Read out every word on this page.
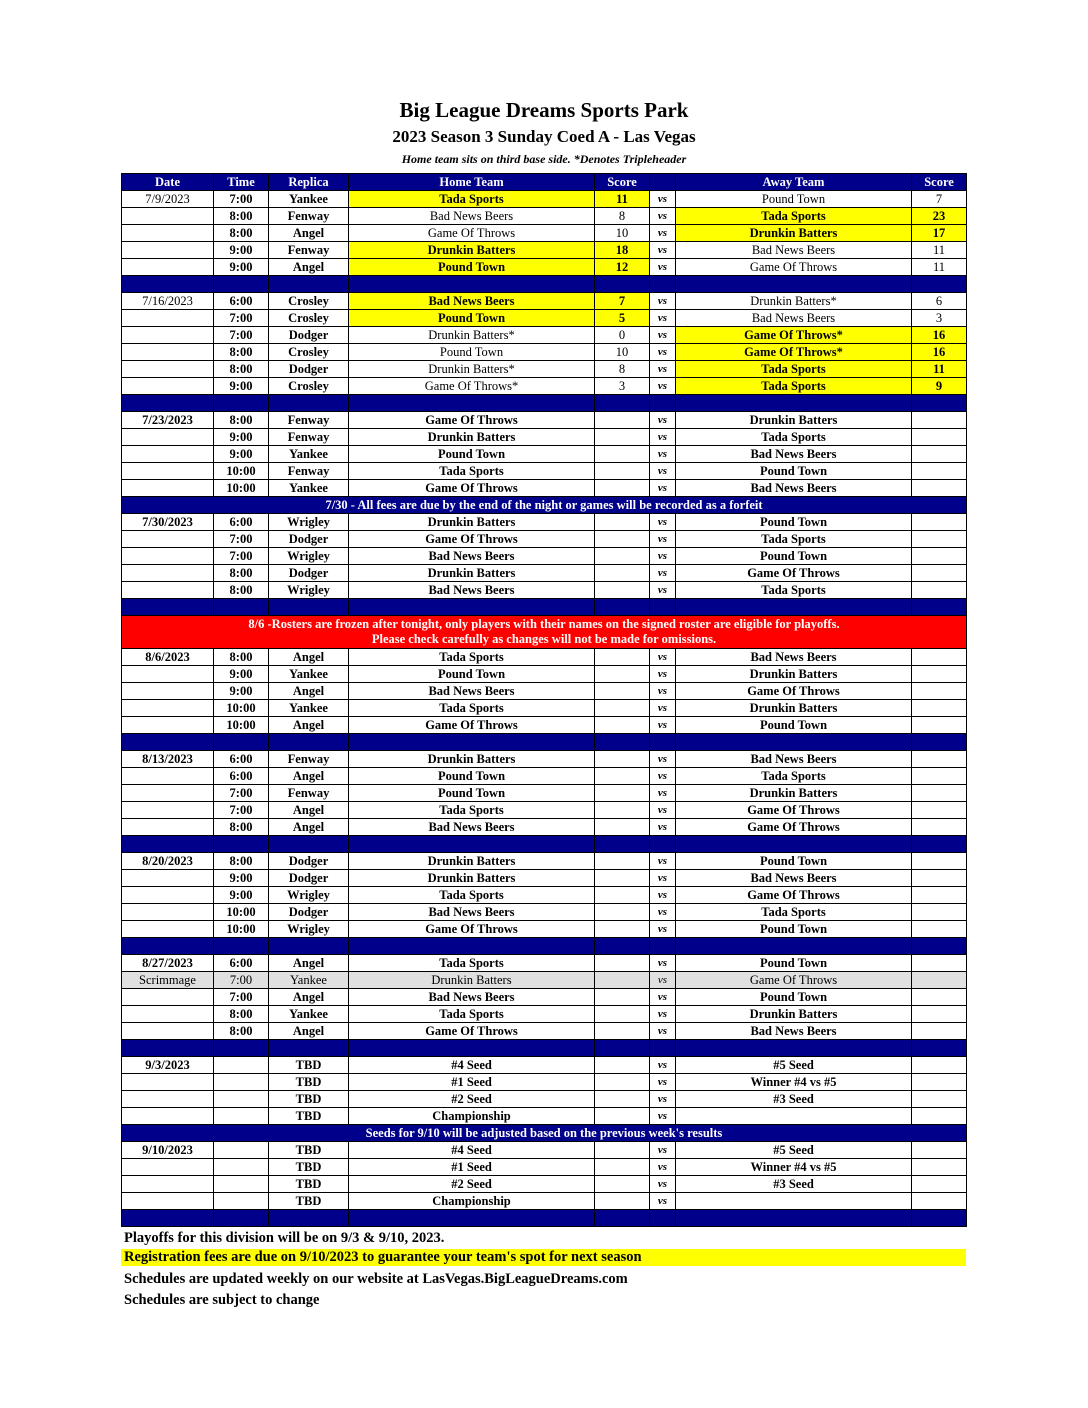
Big League Dreams Sports Park
2023 Season 3 Sunday Coed A - Las Vegas
Home team sits on third base side. *Denotes Tripleheader
Date	Time	Replica	Home Team	Score		Away Team	Score
7/9/2023	7:00	Yankee	Tada Sports	11	vs	Pound Town	7
	8:00	Fenway	Bad News Beers	8	vs	Tada Sports	23
	8:00	Angel	Game Of Throws	10	vs	Drunkin Batters	17
	9:00	Fenway	Drunkin Batters	18	vs	Bad News Beers	11
	9:00	Angel	Pound Town	12	vs	Game Of Throws	11

7/16/2023	6:00	Crosley	Bad News Beers	7	vs	Drunkin Batters*	6
	7:00	Crosley	Pound Town	5	vs	Bad News Beers	3
	7:00	Dodger	Drunkin Batters*	0	vs	Game Of Throws*	16
	8:00	Crosley	Pound Town	10	vs	Game Of Throws*	16
	8:00	Dodger	Drunkin Batters*	8	vs	Tada Sports	11
	9:00	Crosley	Game Of Throws*	3	vs	Tada Sports	9

7/23/2023	8:00	Fenway	Game Of Throws		vs	Drunkin Batters	
	9:00	Fenway	Drunkin Batters		vs	Tada Sports	
	9:00	Yankee	Pound Town		vs	Bad News Beers	
	10:00	Fenway	Tada Sports		vs	Pound Town	
	10:00	Yankee	Game Of Throws		vs	Bad News Beers	
7/30 - All fees are due by the end of the night or games will be recorded as a forfeit							
7/30/2023	6:00	Wrigley	Drunkin Batters		vs	Pound Town	
	7:00	Dodger	Game Of Throws		vs	Tada Sports	
	7:00	Wrigley	Bad News Beers		vs	Pound Town	
	8:00	Dodger	Drunkin Batters		vs	Game Of Throws	
	8:00	Wrigley	Bad News Beers		vs	Tada Sports	

8/6 -Rosters are frozen after tonight, only players with their names on the signed roster are eligible for playoffs.
Please check carefully as changes will not be made for omissions.							

8/6/2023	8:00	Angel	Tada Sports		vs	Bad News Beers	
	9:00	Yankee	Pound Town		vs	Drunkin Batters	
	9:00	Angel	Bad News Beers		vs	Game Of Throws	
	10:00	Yankee	Tada Sports		vs	Drunkin Batters	
	10:00	Angel	Game Of Throws		vs	Pound Town	

8/13/2023	6:00	Fenway	Drunkin Batters		vs	Bad News Beers	
	6:00	Angel	Pound Town		vs	Tada Sports	
	7:00	Fenway	Pound Town		vs	Drunkin Batters	
	7:00	Angel	Tada Sports		vs	Game Of Throws	
	8:00	Angel	Bad News Beers		vs	Game Of Throws	

8/20/2023	8:00	Dodger	Drunkin Batters		vs	Pound Town	
	9:00	Dodger	Drunkin Batters		vs	Bad News Beers	
	9:00	Wrigley	Tada Sports		vs	Game Of Throws	
	10:00	Dodger	Bad News Beers		vs	Tada Sports	
	10:00	Wrigley	Game Of Throws		vs	Pound Town	

8/27/2023	6:00	Angel	Tada Sports		vs	Pound Town	
Scrimmage	7:00	Yankee	Drunkin Batters		vs	Game Of Throws	
	7:00	Angel	Bad News Beers		vs	Pound Town	
	8:00	Yankee	Tada Sports		vs	Drunkin Batters	
	8:00	Angel	Game Of Throws		vs	Bad News Beers	

9/3/2023		TBD	#4 Seed		vs	#5 Seed	
		TBD	#1 Seed		vs	Winner #4 vs #5	
		TBD	#2 Seed		vs	#3 Seed	
		TBD	Championship		vs		
Seeds for 9/10 will be adjusted based on the previous week's results							
9/10/2023		TBD	#4 Seed		vs	#5 Seed	
		TBD	#1 Seed		vs	Winner #4 vs #5	
		TBD	#2 Seed		vs	#3 Seed	
		TBD	Championship		vs		

Playoffs for this division will be on 9/3 & 9/10, 2023.
Registration fees are due on 9/10/2023 to guarantee your team's spot for next season
Schedules are updated weekly on our website at LasVegas.BigLeagueDreams.com
Schedules are subject to change
